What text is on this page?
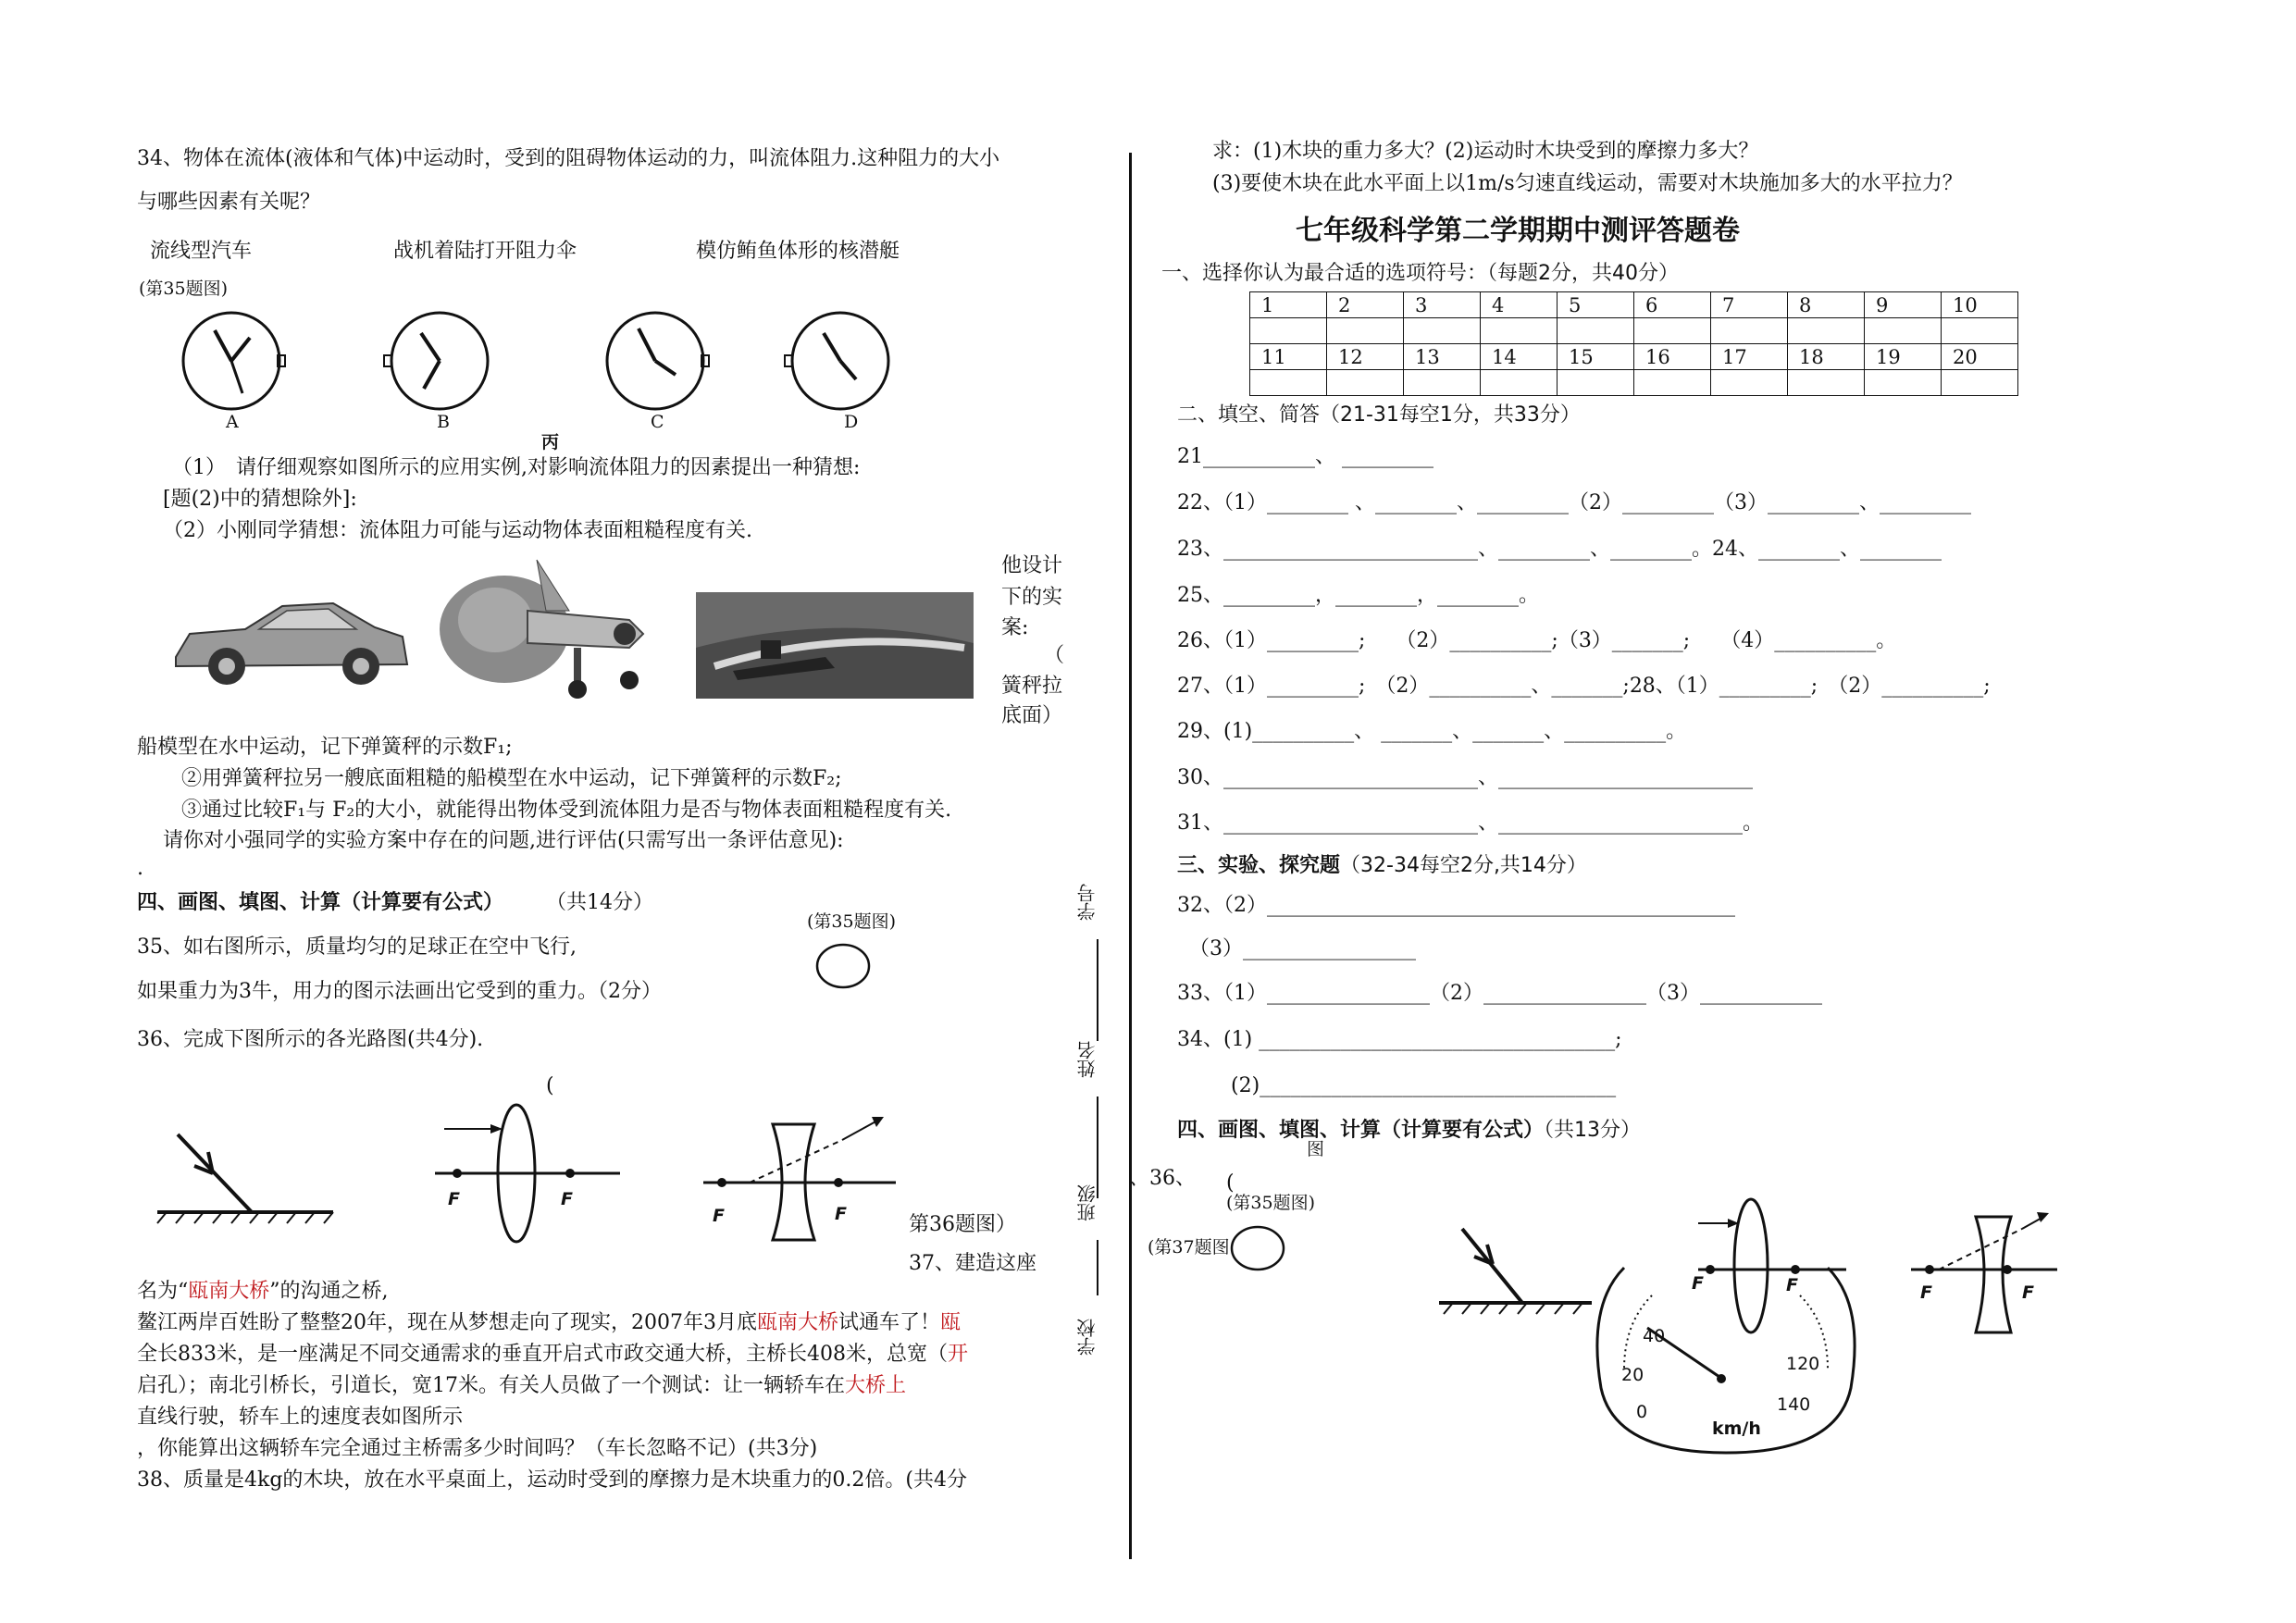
34、物体在流体(液体和气体)中运动时，受到的阻碍物体运动的力，叫流体阻力.这种阻力的大小
与哪些因素有关呢？
流线型汽车	战机着陆打开阻力伞	模仿鲔鱼体形的核潜艇
(第35题图)
A	B	C	D
丙
（1）　请仔细观察如图所示的应用实例,对影响流体阻力的因素提出一种猜想:
[题(2)中的猜想除外]:
（2）小刚同学猜想：流体阻力可能与运动物体表面粗糙程度有关.
他设计
下的实
案:
（
簧秤拉
底面）
船模型在水中运动，记下弹簧秤的示数F₁;
②用弹簧秤拉另一艘底面粗糙的船模型在水中运动，记下弹簧秤的示数F₂;
③通过比较F₁与 F₂的大小，就能得出物体受到流体阻力是否与物体表面粗糙程度有关.
请你对小强同学的实验方案中存在的问题,进行评估(只需写出一条评估意见):
.
四、画图、填图、计算（计算要有公式） （共14分）
(第35题图)
35、如右图所示，质量均匀的足球正在空中飞行,
如果重力为3牛，用力的图示法画出它受到的重力。（2分）
36、完成下图所示的各光路图(共4分).
(
F	F
F	F	第36题图）
37、建造这座
名为“瓯南大桥”的沟通之桥,
鳌江两岸百姓盼了整整20年，现在从梦想走向了现实，2007年3月底瓯南大桥试通车了！瓯
全长833米，是一座满足不同交通需求的垂直开启式市政交通大桥，主桥长408米，总宽（开
启孔）；南北引桥长，引道长，宽17米。有关人员做了一个测试：让一辆轿车在大桥上
直线行驶，轿车上的速度表如图所示
，你能算出这辆轿车完全通过主桥需多少时间吗？（车长忽略不记）(共3分)
38、质量是4kg的木块，放在水平桌面上，运动时受到的摩擦力是木块重力的0.2倍。(共4分
学号
姓名
班级
学校
求：(1)木块的重力多大？(2)运动时木块受到的摩擦力多大？
(3)要使木块在此水平面上以1m/s匀速直线运动，需要对木块施加多大的水平拉力？
七年级科学第二学期期中测评答题卷
一、选择你认为最合适的选项符号：（每题2分，共40分）
1	2	3	4	5	6	7	8	9	10

11	12	13	14	15	16	17	18	19	20

二、填空、简答（21-31每空1分，共33分）
21___________、 _________
22、（1）________ 、________、_________（2）_________（3）_________、_________
23、_________________________、_________、________。24、________、________
25、_________，________，________。
26、（1）_________;　　（2）__________;（3）_______;　　（4）__________。
27、（1）_________;　（2）__________、_______;28、（1）_________;　（2）__________;
29、(1)__________、 _______、_______、__________。
30、_________________________、_________________________
31、_________________________、________________________。
三、实验、探究题（32-34每空2分,共14分）
32、（2）______________________________________________
（3）_________________
33、（1）________________（2）________________（3）____________
34、(1) ___________________________________;
(2)___________________________________
四、画图、填图、计算（计算要有公式）（共13分）
图
、36、 (
(第35题图)
(第37题图
F	F	F	F
40
20
0
120
140
km/h
